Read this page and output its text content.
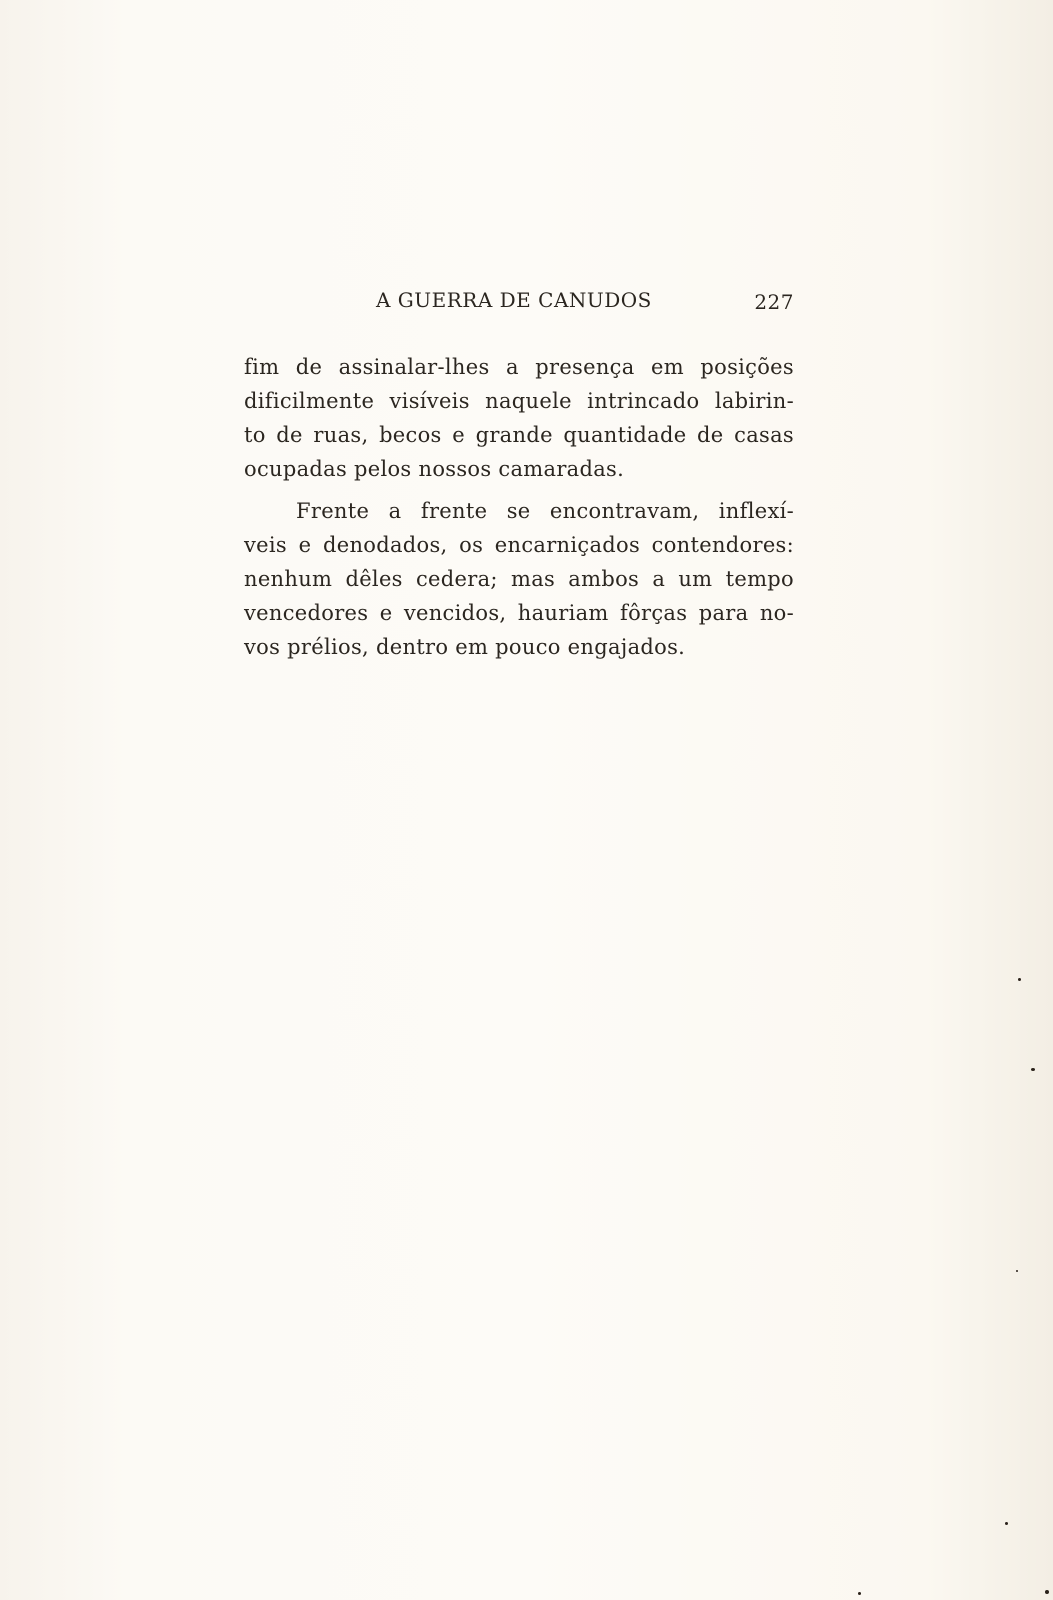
A GUERRA DE CANUDOS	227

fim de assinalar-lhes a presença em posições
dificilmente visíveis naquele intrincado labirin-
to de ruas, becos e grande quantidade de casas
ocupadas pelos nossos camaradas.

Frente a frente se encontravam, inflexí-
veis e denodados, os encarniçados contendores:
nenhum dêles cedera; mas ambos a um tempo
vencedores e vencidos, hauriam fôrças para no-
vos prélios, dentro em pouco engajados.
